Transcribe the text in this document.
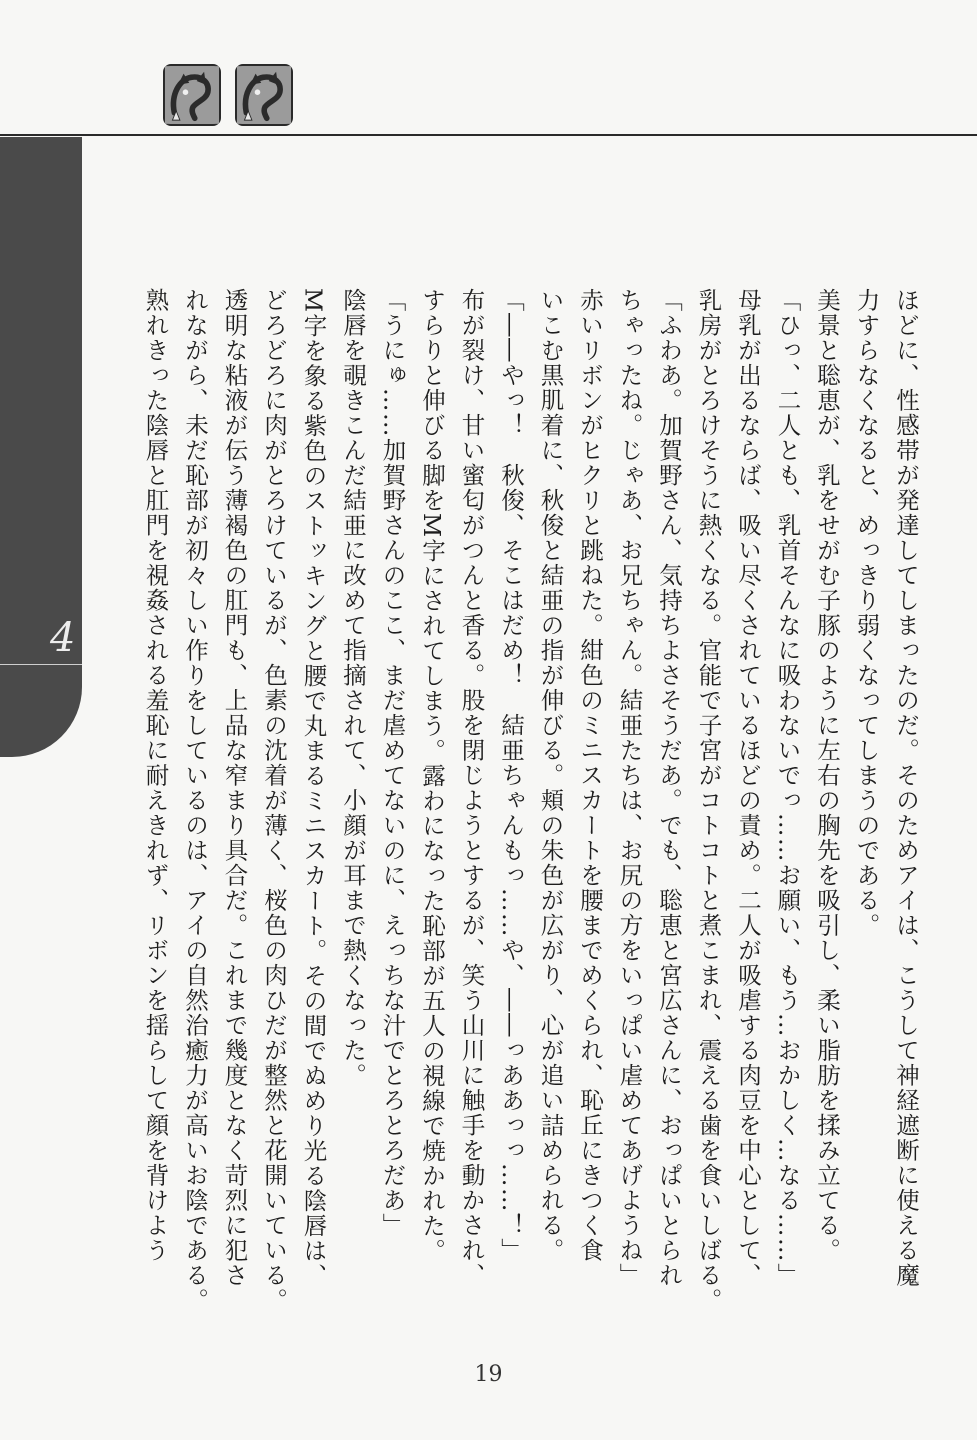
4	ほどに、性感帯が発達してしまったのだ。そのためアイは、こうして神経遮断に使える魔
力すらなくなると、めっきり弱くなってしまうのである。
美景と聡恵が、乳をせがむ子豚のように左右の胸先を吸引し、柔い脂肪を揉み立てる。
「ひっ、二人とも、乳首そんなに吸わないでっ……お願い、もう…おかしく…なる……」
母乳が出るならば、吸い尽くされているほどの責め。二人が吸虐する肉豆を中心として、
乳房がとろけそうに熱くなる。官能で子宮がコトコトと煮こまれ、震える歯を食いしばる。
「ふわあ。加賀野さん、気持ちよさそうだあ。でも、聡恵と宮広さんに、おっぱいとられ
ちゃったね。じゃあ、お兄ちゃん。結亜たちは、お尻の方をいっぱい虐めてあげようね」
赤いリボンがヒクリと跳ねた。紺色のミニスカートを腰までめくられ、恥丘にきつく食
いこむ黒肌着に、秋俊と結亜の指が伸びる。頬の朱色が広がり、心が追い詰められる。
「――やっ！　秋俊、そこはだめ！　結亜ちゃんもっ……や、――っああっっ……！」
布が裂け、甘い蜜匂がつんと香る。股を閉じようとするが、笑う山川に触手を動かされ、
すらりと伸びる脚をM字にされてしまう。露わになった恥部が五人の視線で焼かれた。
「うにゅ……加賀野さんのここ、まだ虐めてないのに、えっちな汁でとろとろだあ」
陰唇を覗きこんだ結亜に改めて指摘されて、小顔が耳まで熱くなった。
M字を象る紫色のストッキングと腰で丸まるミニスカート。その間でぬめり光る陰唇は、
どろどろに肉がとろけているが、色素の沈着が薄く、桜色の肉ひだが整然と花開いている。
透明な粘液が伝う薄褐色の肛門も、上品な窄まり具合だ。これまで幾度となく苛烈に犯さ
れながら、未だ恥部が初々しい作りをしているのは、アイの自然治癒力が高いお陰である。
熟れきった陰唇と肛門を視姦される羞恥に耐えきれず、リボンを揺らして顔を背けよう
19
